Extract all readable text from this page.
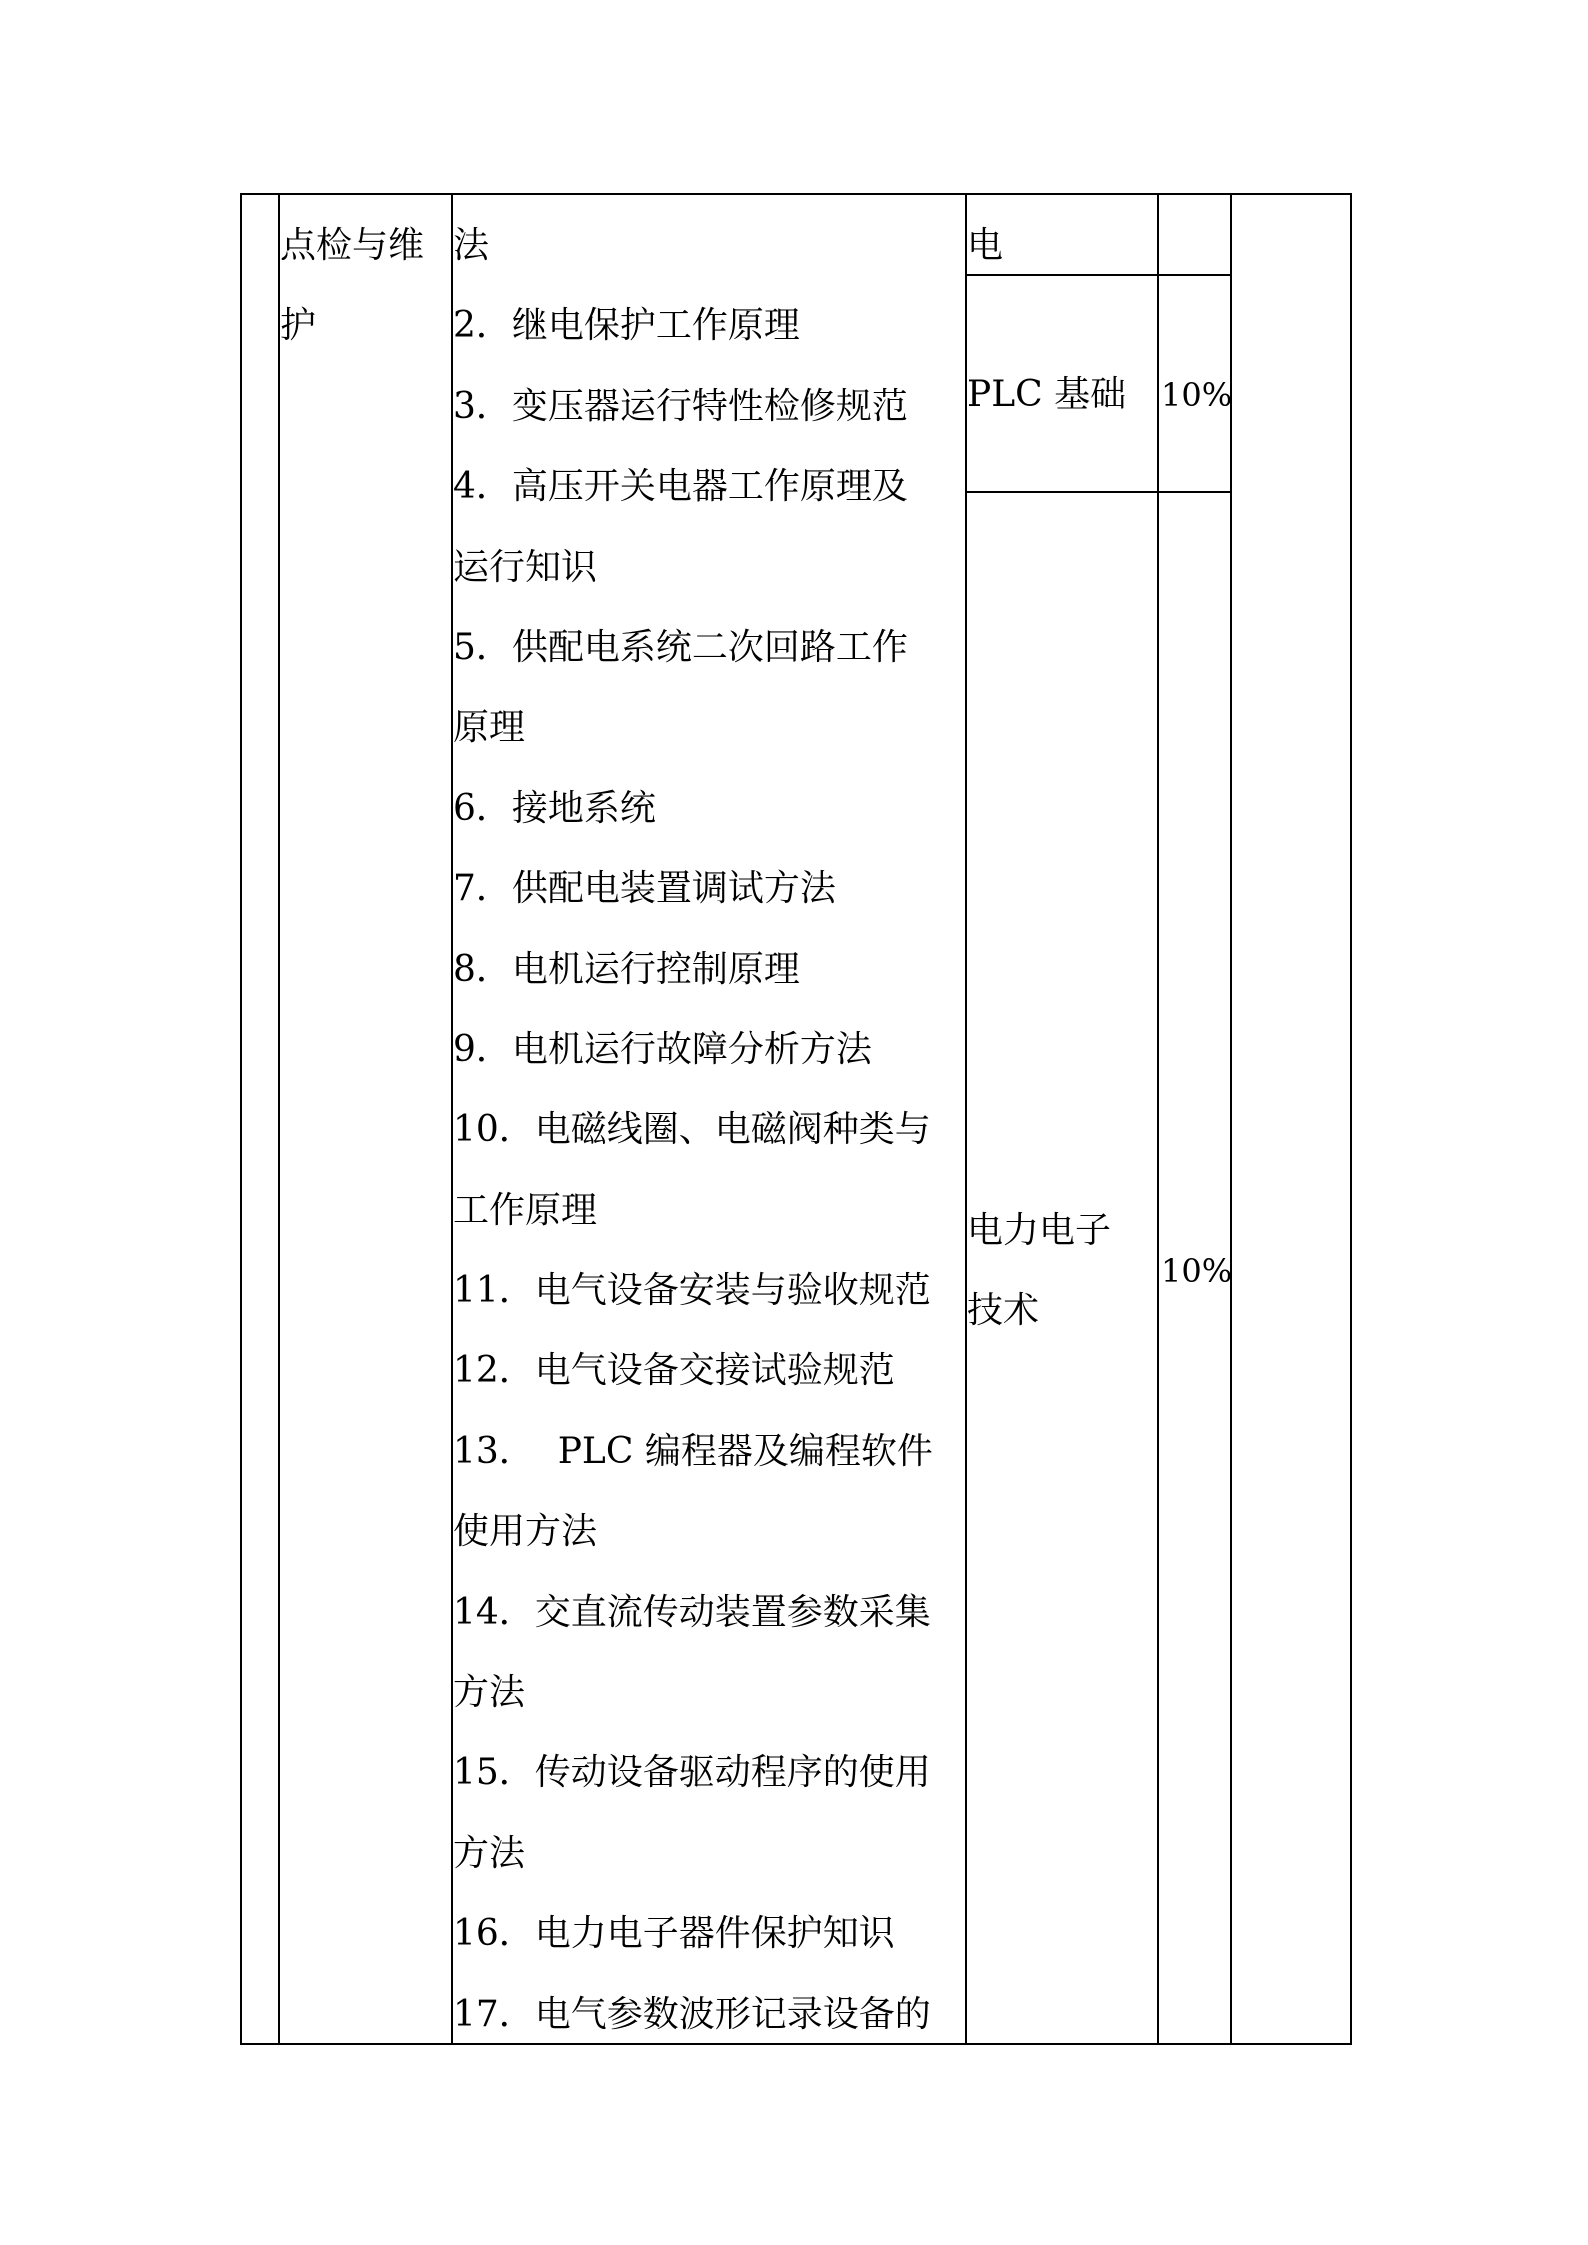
点检与维
护
法
2．继电保护工作原理
3．变压器运行特性检修规范
4．高压开关电器工作原理及
运行知识
5．供配电系统二次回路工作
原理
6．接地系统
7．供配电装置调试方法
8．电机运行控制原理
9．电机运行故障分析方法
10．电磁线圈、电磁阀种类与
工作原理
11．电气设备安装与验收规范
12．电气设备交接试验规范
13．  PLC 编程器及编程软件
使用方法
14．交直流传动装置参数采集
方法
15．传动设备驱动程序的使用
方法
16．电力电子器件保护知识
17．电气参数波形记录设备的
电
PLC 基础
电力电子
技术
10%
10%
